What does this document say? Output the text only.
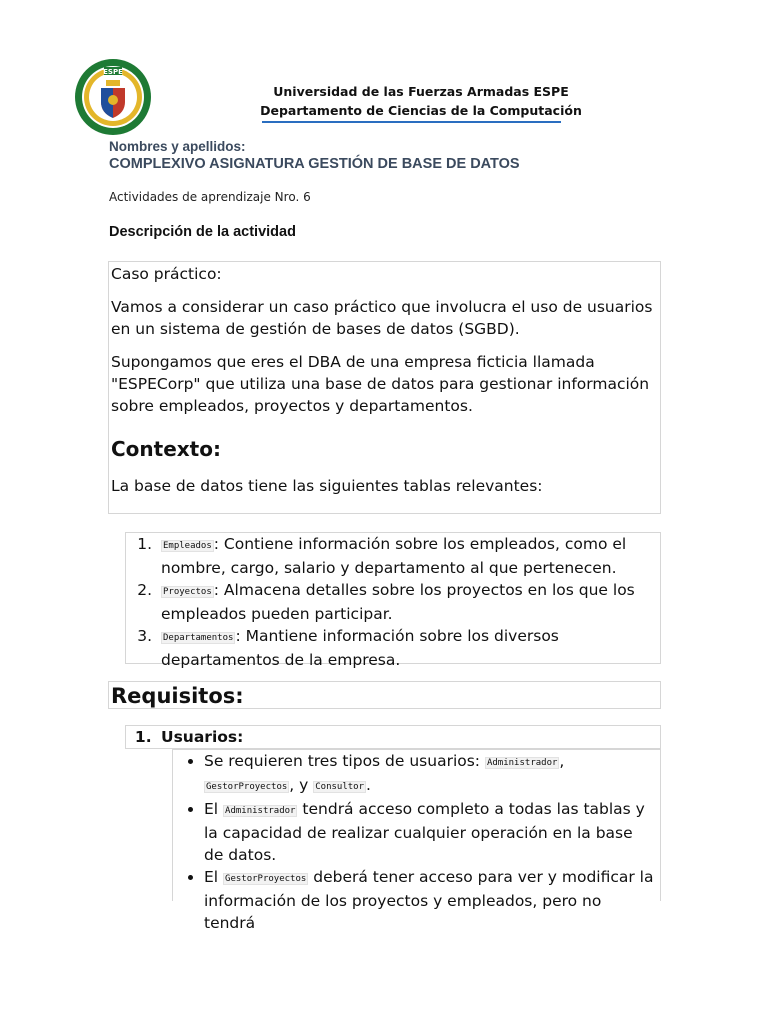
ESPE
Universidad de las Fuerzas Armadas ESPE
Departamento de Ciencias de la Computación
Nombres y apellidos:
COMPLEXIVO ASIGNATURA GESTIÓN DE BASE DE DATOS
Actividades de aprendizaje Nro. 6
Descripción de la actividad

Caso práctico:

Vamos a considerar un caso práctico que involucra el uso de usuarios en un sistema de gestión de bases de datos (SGBD).

Supongamos que eres el DBA de una empresa ficticia llamada "ESPECorp" que utiliza una base de datos para gestionar información sobre empleados, proyectos y departamentos.

Contexto:

La base de datos tiene las siguientes tablas relevantes:

1. Empleados : Contiene información sobre los empleados, como el nombre, cargo, salario y departamento al que pertenecen.
2. Proyectos : Almacena detalles sobre los proyectos en los que los empleados pueden participar.
3. Departamentos : Mantiene información sobre los diversos departamentos de la empresa.
Requisitos:
1. Usuarios:
• Se requieren tres tipos de usuarios: Administrador , GestorProyectos , y Consultor .
• El Administrador tendrá acceso completo a todas las tablas y la capacidad de realizar cualquier operación en la base de datos.
• El GestorProyectos deberá tener acceso para ver y modificar la información de los proyectos y empleados, pero no tendrá
